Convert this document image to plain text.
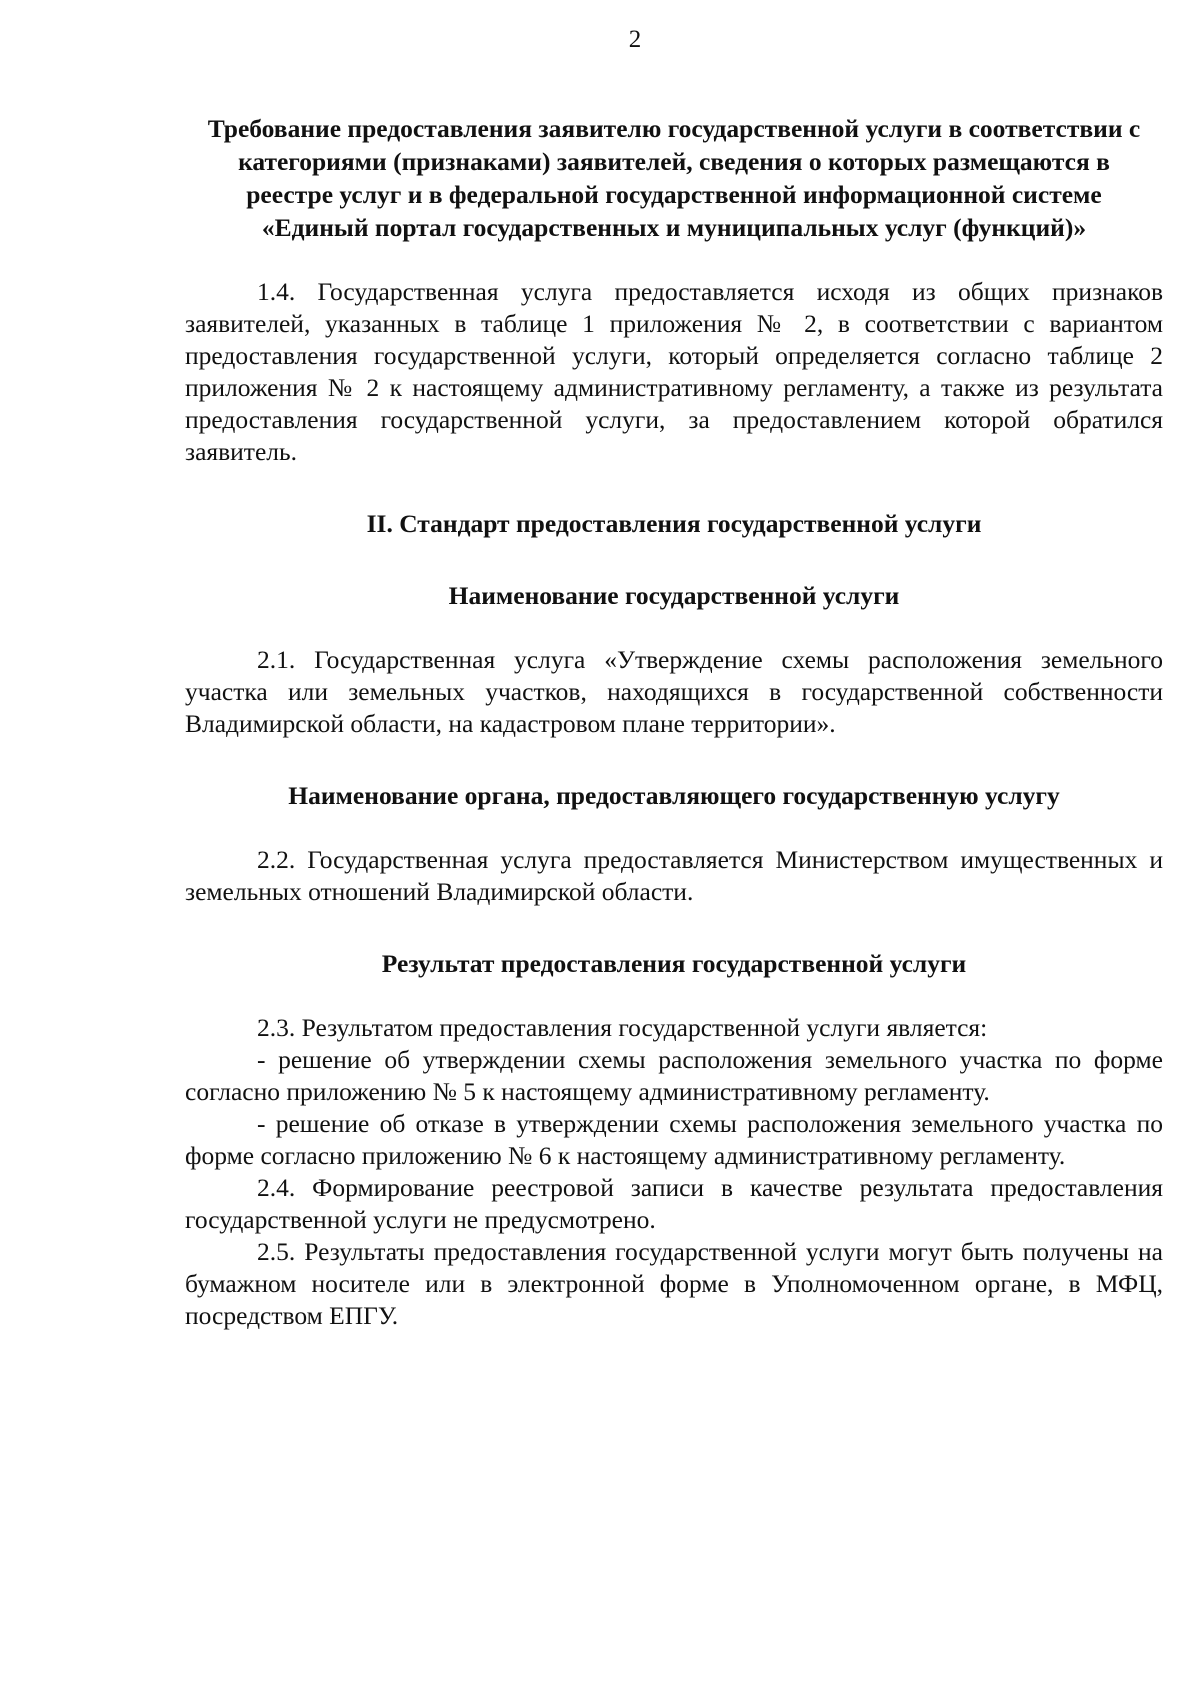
2

Требование предоставления заявителю государственной услуги в соответствии с категориями (признаками) заявителей, сведения о которых размещаются в реестре услуг и в федеральной государственной информационной системе «Единый портал государственных и муниципальных услуг (функций)»

1.4. Государственная услуга предоставляется исходя из общих признаков заявителей, указанных в таблице 1 приложения № 2, в соответствии с вариантом предоставления государственной услуги, который определяется согласно таблице 2 приложения № 2 к настоящему административному регламенту, а также из результата предоставления государственной услуги, за предоставлением которой обратился заявитель.

II. Стандарт предоставления государственной услуги

Наименование государственной услуги

2.1. Государственная услуга «Утверждение схемы расположения земельного участка или земельных участков, находящихся в государственной собственности Владимирской области, на кадастровом плане территории».

Наименование органа, предоставляющего государственную услугу

2.2. Государственная услуга предоставляется Министерством имущественных и земельных отношений Владимирской области.

Результат предоставления государственной услуги

2.3. Результатом предоставления государственной услуги является:

- решение об утверждении схемы расположения земельного участка по форме согласно приложению № 5 к настоящему административному регламенту.

- решение об отказе в утверждении схемы расположения земельного участка по форме согласно приложению № 6 к настоящему административному регламенту.

2.4. Формирование реестровой записи в качестве результата предоставления государственной услуги не предусмотрено.

2.5. Результаты предоставления государственной услуги могут быть получены на бумажном носителе или в электронной форме в Уполномоченном органе, в МФЦ, посредством ЕПГУ.
